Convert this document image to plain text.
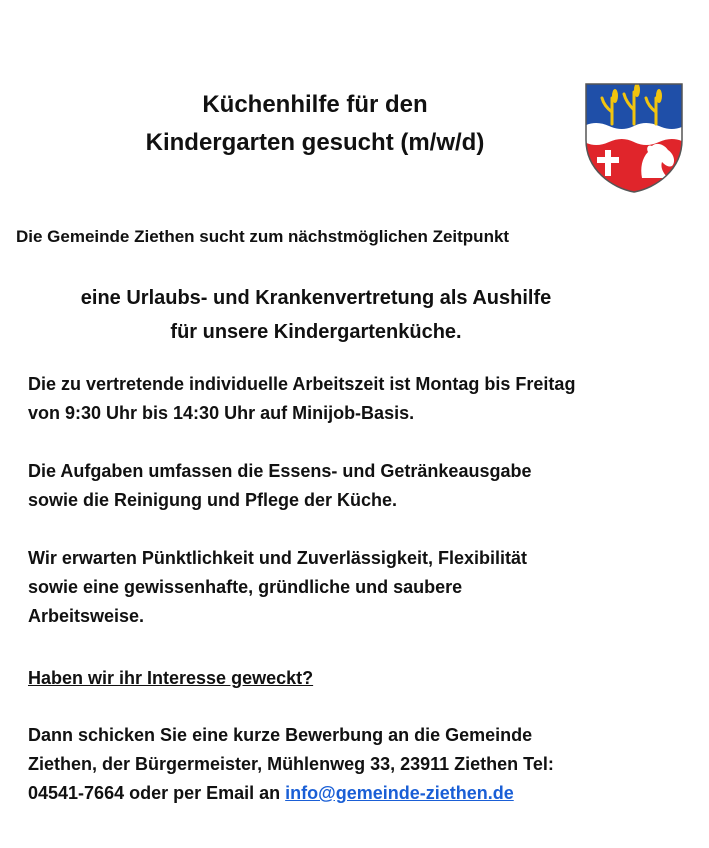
Küchenhilfe für den
Kindergarten gesucht (m/w/d)

Die Gemeinde Ziethen sucht zum nächstmöglichen Zeitpunkt

eine Urlaubs- und Krankenvertretung als Aushilfe
für unsere Kindergartenküche.

Die zu vertretende individuelle Arbeitszeit ist Montag bis Freitag
von 9:30 Uhr bis 14:30 Uhr auf Minijob-Basis.

Die Aufgaben umfassen die Essens- und Getränkeausgabe
sowie die Reinigung und Pflege der Küche.

Wir erwarten Pünktlichkeit und Zuverlässigkeit, Flexibilität
sowie eine gewissenhafte, gründliche und saubere
Arbeitsweise.

Haben wir ihr Interesse geweckt?

Dann schicken Sie eine kurze Bewerbung an die Gemeinde
Ziethen, der Bürgermeister, Mühlenweg 33, 23911 Ziethen Tel:
04541-7664 oder per Email an info@gemeinde-ziethen.de
